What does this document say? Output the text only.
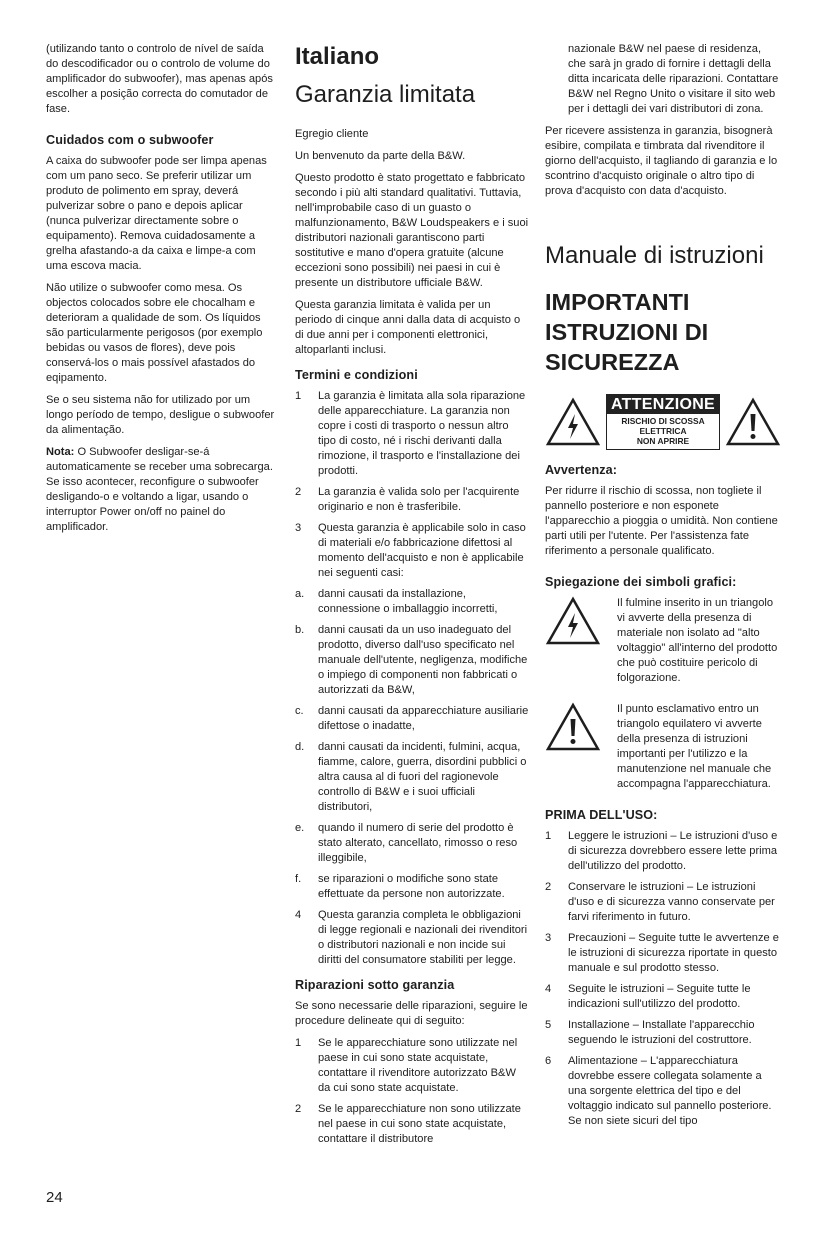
(utilizando tanto o controlo de nível de saída do descodificador ou o controlo de volume do amplificador do subwoofer), mas apenas após escolher a posição correcta do comutador de fase.

Cuidados com o subwoofer

A caixa do subwoofer pode ser limpa apenas com um pano seco. Se preferir utilizar um produto de polimento em spray, deverá pulverizar sobre o pano e depois aplicar (nunca pulverizar directamente sobre o equipamento). Remova cuidadosamente a grelha afastando-a da caixa e limpe-a com uma escova macia.

Não utilize o subwoofer como mesa. Os objectos colocados sobre ele chocalham e deterioram a qualidade de som. Os líquidos são particularmente perigosos (por exemplo bebidas ou vasos de flores), deve pois conservá-los o mais possível afastados do eqipamento.

Se o seu sistema não for utilizado por um longo período de tempo, desligue o subwoofer da alimentação.

Nota: O Subwoofer desligar-se-á automaticamente se receber uma sobrecarga. Se isso acontecer, reconfigure o subwoofer desligando-o e voltando a ligar, usando o interruptor Power on/off no painel do amplificador.

Italiano
Garanzia limitata

Egregio cliente

Un benvenuto da parte della B&W.

Questo prodotto è stato progettato e fabbricato secondo i più alti standard qualitativi. Tuttavia, nell'improbabile caso di un guasto o malfunzionamento, B&W Loudspeakers e i suoi distributori nazionali garantiscono parti sostitutive e mano d'opera gratuite (alcune eccezioni sono possibili) nei paesi in cui è presente un distributore ufficiale B&W.

Questa garanzia limitata è valida per un periodo di cinque anni dalla data di acquisto o di due anni per i componenti elettronici, altoparlanti inclusi.

Termini e condizioni
1	La garanzia è limitata alla sola riparazione delle apparecchiature. La garanzia non copre i costi di trasporto o nessun altro tipo di costo, né i rischi derivanti dalla rimozione, il trasporto e l'installazione dei prodotti.
2	La garanzia è valida solo per l'acquirente originario e non è trasferibile.
3	Questa garanzia è applicabile solo in caso di materiali e/o fabbricazione difettosi al momento dell'acquisto e non è applicabile nei seguenti casi:
a.	danni causati da installazione, connessione o imballaggio incorretti,
b.	danni causati da un uso inadeguato del prodotto, diverso dall'uso specificato nel manuale dell'utente, negligenza, modifiche o impiego di componenti non fabbricati o autorizzati da B&W,
c.	danni causati da apparecchiature ausiliarie difettose o inadatte,
d.	danni causati da incidenti, fulmini, acqua, fiamme, calore, guerra, disordini pubblici o altra causa al di fuori del ragionevole controllo di B&W e i suoi ufficiali distributori,
e.	quando il numero di serie del prodotto è stato alterato, cancellato, rimosso o reso illeggibile,
f.	se riparazioni o modifiche sono state effettuate da persone non autorizzate.
4	Questa garanzia completa le obbligazioni di legge regionali e nazionali dei rivenditori o distributori nazionali e non incide sui diritti del consumatore stabiliti per legge.
Riparazioni sotto garanzia

Se sono necessarie delle riparazioni, seguire le procedure delineate qui di seguito:

1	Se le apparecchiature sono utilizzate nel paese in cui sono state acquistate, contattare il rivenditore autorizzato B&W da cui sono state acquistate.
2	Se le apparecchiature non sono utilizzate nel paese in cui sono state acquistate, contattare il distributore

nazionale B&W nel paese di residenza, che sarà jn grado di fornire i dettagli della ditta incaricata delle riparazioni. Contattare B&W nel Regno Unito o visitare il sito web per i dettagli dei vari distributori di zona.

Per ricevere assistenza in garanzia, bisognerà esibire, compilata e timbrata dal rivenditore il giorno dell'acquisto, il tagliando di garanzia e lo scontrino d'acquisto originale o altro tipo di prova d'acquisto con data d'acquisto.

Manuale di istruzioni
IMPORTANTI ISTRUZIONI DI SICUREZZA
ATTENZIONE
RISCHIO DI SCOSSA ELETTRICA
NON APRIRE
Avvertenza:

Per ridurre il rischio di scossa, non togliete il pannello posteriore e non esponete l'apparecchio a pioggia o umidità. Non contiene parti utili per l'utente. Per l'assistenza fate riferimento a personale qualificato.

Spiegazione dei simboli grafici:

Il fulmine inserito in un triangolo vi avverte della presenza di materiale non isolato ad "alto voltaggio" all'interno del prodotto che può costituire pericolo di folgorazione.

Il punto esclamativo entro un triangolo equilatero vi avverte della presenza di istruzioni importanti per l'utilizzo e la manutenzione nel manuale che accompagna l'apparecchiatura.

PRIMA DELL'USO:
1	Leggere le istruzioni – Le istruzioni d'uso e di sicurezza dovrebbero essere lette prima dell'utilizzo del prodotto.
2	Conservare le istruzioni – Le istruzioni d'uso e di sicurezza vanno conservate per farvi riferimento in futuro.
3	Precauzioni – Seguite tutte le avvertenze e le istruzioni di sicurezza riportate in questo manuale e sul prodotto stesso.
4	Seguite le istruzioni – Seguite tutte le indicazioni sull'utilizzo del prodotto.
5	Installazione – Installate l'apparecchio seguendo le istruzioni del costruttore.
6	Alimentazione – L'apparecchiatura dovrebbe essere collegata solamente a una sorgente elettrica del tipo e del voltaggio indicato sul pannello posteriore. Se non siete sicuri del tipo
24
